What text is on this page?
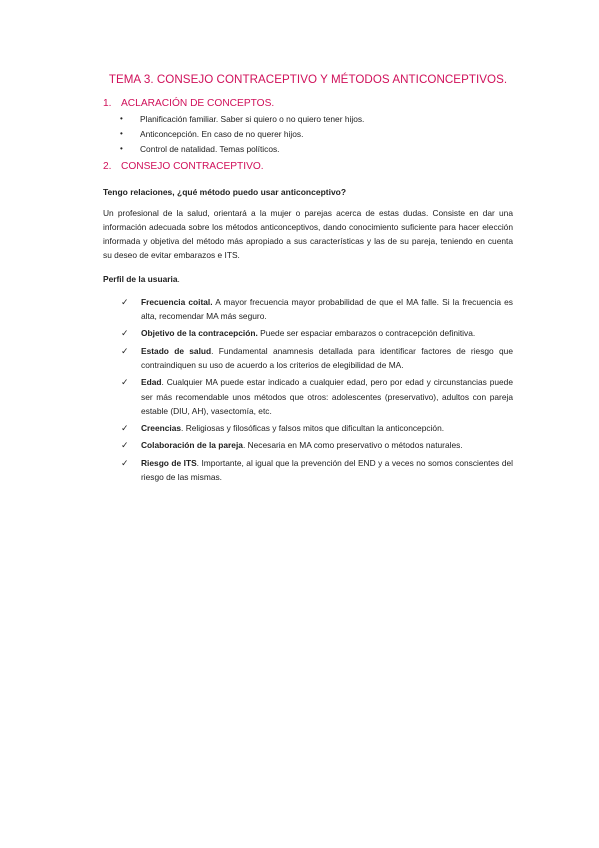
TEMA 3. CONSEJO CONTRACEPTIVO Y MÉTODOS ANTICONCEPTIVOS.

1. ACLARACIÓN DE CONCEPTOS.
•	Planificación familiar. Saber si quiero o no quiero tener hijos.
•	Anticoncepción. En caso de no querer hijos.
•	Control de natalidad. Temas políticos.
2. CONSEJO CONTRACEPTIVO.

Tengo relaciones, ¿qué método puedo usar anticonceptivo?

Un profesional de la salud, orientará a la mujer o parejas acerca de estas dudas. Consiste en dar una información adecuada sobre los métodos anticonceptivos, dando conocimiento suficiente para hacer elección informada y objetiva del método más apropiado a sus características y las de su pareja, teniendo en cuenta su deseo de evitar embarazos e ITS.

Perfil de la usuaria.

✓	Frecuencia coital. A mayor frecuencia mayor probabilidad de que el MA falle. Si la frecuencia es alta, recomendar MA más seguro.
✓	Objetivo de la contracepción. Puede ser espaciar embarazos o contracepción definitiva.
✓	Estado de salud. Fundamental anamnesis detallada para identificar factores de riesgo que contraindiquen su uso de acuerdo a los criterios de elegibilidad de MA.
✓	Edad. Cualquier MA puede estar indicado a cualquier edad, pero por edad y circunstancias puede ser más recomendable unos métodos que otros: adolescentes (preservativo), adultos con pareja estable (DIU, AH), vasectomía, etc.
✓	Creencias. Religiosas y filosóficas y falsos mitos que dificultan la anticoncepción.
✓	Colaboración de la pareja. Necesaria en MA como preservativo o métodos naturales.
✓	Riesgo de ITS. Importante, al igual que la prevención del END y a veces no somos conscientes del riesgo de las mismas.
